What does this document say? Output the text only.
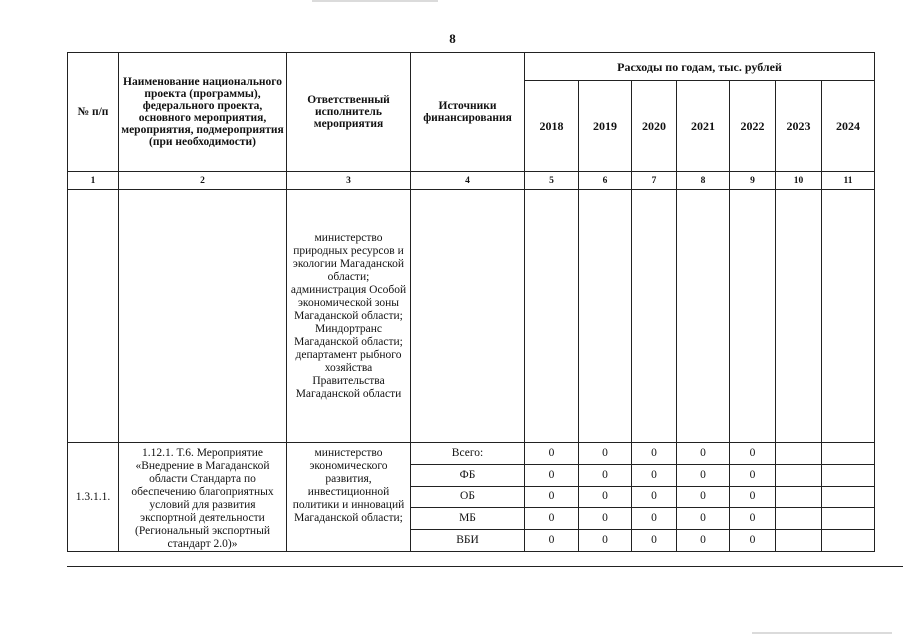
8
№ п/п	Наименование национального проекта (программы), федерального проекта, основного мероприятия, мероприятия, подмероприятия (при необходимости)	Ответственный исполнитель мероприятия	Источники финансирования	Расходы по годам, тыс. рублей						
				2018	2019	2020	2021	2022	2023	2024
1	2	3	4	5	6	7	8	9	10	11
		министерство природных ресурсов и экологии Магаданской области; администрация Особой экономической зоны Магаданской области; Миндортранс Магаданской области; департамент рыбного хозяйства Правительства Магаданской области								
1.3.1.1.	1.12.1. Т.6. Мероприятие «Внедрение в Магаданской области Стандарта по обеспечению благоприятных условий для развития экспортной деятельности (Региональный экспортный стандарт 2.0)»	министерство экономического развития, инвестиционной политики и инноваций Магаданской области;	Всего:	0	0	0	0	0		
			ФБ	0	0	0	0	0		
			ОБ	0	0	0	0	0		
			МБ	0	0	0	0	0		
			ВБИ	0	0	0	0	0		
